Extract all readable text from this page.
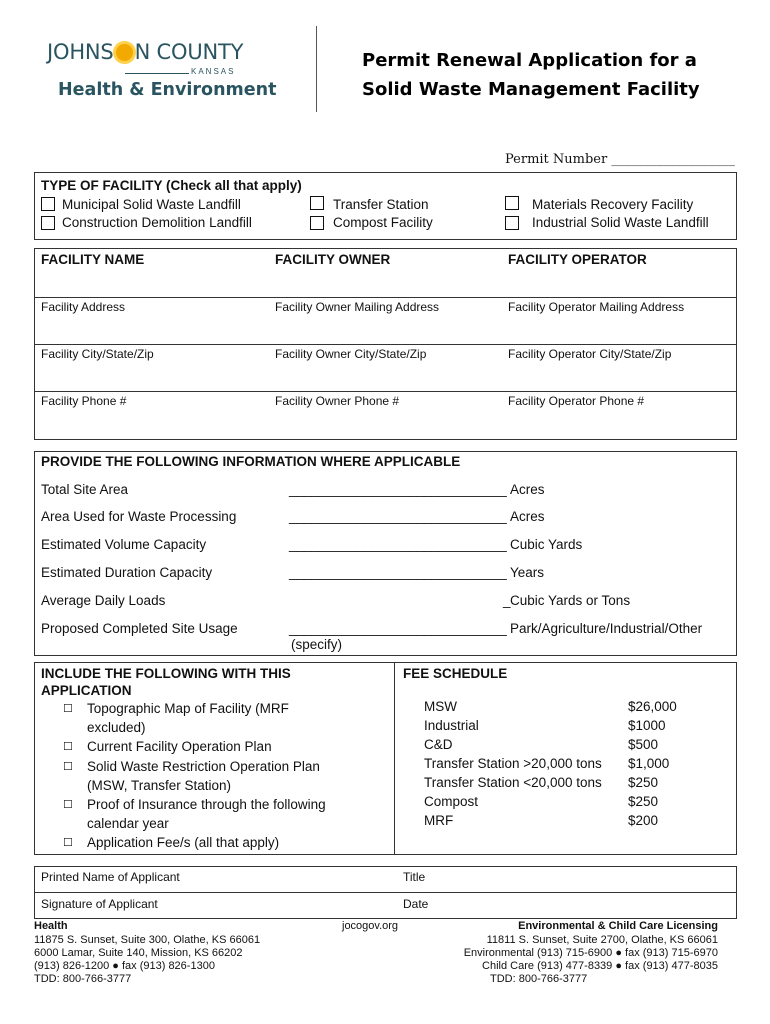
JOHNS N COUNTY
KANSAS
Health & Environment
Permit Renewal Application for a
Solid Waste Management Facility
Permit Number ___________________
TYPE OF FACILITY (Check all that apply)
Municipal Solid Waste Landfill
Construction Demolition Landfill
Transfer Station
Compost Facility
Materials Recovery Facility
Industrial Solid Waste Landfill
FACILITY NAME	FACILITY OWNER	FACILITY OPERATOR
Facility Address	Facility Owner Mailing Address	Facility Operator Mailing Address
Facility City/State/Zip	Facility Owner City/State/Zip	Facility Operator City/State/Zip
Facility Phone #	Facility Owner Phone #	Facility Operator Phone #
PROVIDE THE FOLLOWING INFORMATION WHERE APPLICABLE
Total Site Area	_____________________________ Acres
Area Used for Waste Processing	_____________________________ Acres
Estimated Volume Capacity	_____________________________ Cubic Yards
Estimated Duration Capacity	_____________________________ Years
Average Daily Loads	_ Cubic Yards or Tons
Proposed Completed Site Usage	_____________________________ Park/Agriculture/Industrial/Other
(specify)
INCLUDE THE FOLLOWING WITH THIS
APPLICATION
☐ Topographic Map of Facility (MRF
excluded)
☐ Current Facility Operation Plan
☐ Solid Waste Restriction Operation Plan
(MSW, Transfer Station)
☐ Proof of Insurance through the following
calendar year
☐ Application Fee/s (all that apply)
FEE SCHEDULE
MSW	$26,000
Industrial	$1000
C&D	$500
Transfer Station >20,000 tons $1,000
Transfer Station <20,000 tons $250
Compost	$250
MRF	$200
Printed Name of Applicant	Title
Signature of Applicant	Date
Health
11875 S. Sunset, Suite 300, Olathe, KS 66061
6000 Lamar, Suite 140, Mission, KS 66202
(913) 826-1200 ● fax (913) 826-1300
TDD: 800-766-3777
jocogov.org	Environmental & Child Care Licensing
11811 S. Sunset, Suite 2700, Olathe, KS 66061
Environmental (913) 715-6900 ● fax (913) 715-6970
Child Care (913) 477-8339 ● fax (913) 477-8035
TDD: 800-766-3777
